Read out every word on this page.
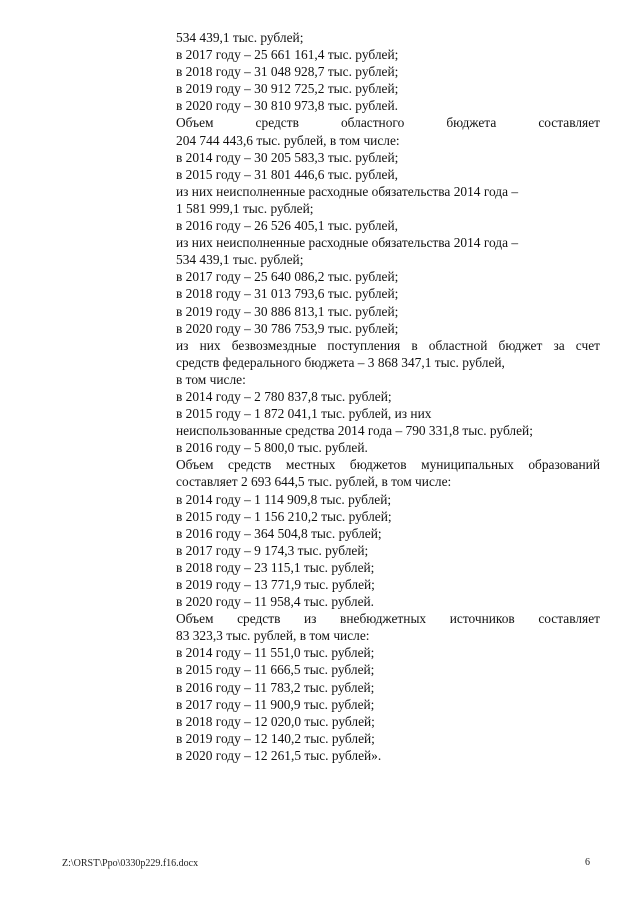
534 439,1 тыс. рублей;
в 2017 году – 25 661 161,4 тыс. рублей;
в 2018 году – 31 048 928,7 тыс. рублей;
в 2019 году – 30 912 725,2 тыс. рублей;
в 2020 году – 30 810 973,8 тыс. рублей.
Объем средств областного бюджета составляет
204 744 443,6 тыс. рублей, в том числе:
в 2014 году – 30 205 583,3 тыс. рублей;
в 2015 году – 31 801 446,6 тыс. рублей,
из них неисполненные расходные обязательства 2014 года –
1 581 999,1 тыс. рублей;
в 2016 году – 26 526 405,1 тыс. рублей,
из них неисполненные расходные обязательства 2014 года –
534 439,1 тыс. рублей;
в 2017 году – 25 640 086,2 тыс. рублей;
в 2018 году – 31 013 793,6 тыс. рублей;
в 2019 году – 30 886 813,1 тыс. рублей;
в 2020 году – 30 786 753,9 тыс. рублей;
из них безвозмездные поступления в областной бюджет за счет
средств федерального бюджета – 3 868 347,1 тыс. рублей,
в том числе:
в 2014 году – 2 780 837,8 тыс. рублей;
в 2015 году – 1 872 041,1 тыс. рублей, из них
неиспользованные средства 2014 года – 790 331,8 тыс. рублей;
в 2016 году – 5 800,0 тыс. рублей.
Объем средств местных бюджетов муниципальных образований
составляет 2 693 644,5 тыс. рублей, в том числе:
в 2014 году – 1 114 909,8 тыс. рублей;
в 2015 году – 1 156 210,2 тыс. рублей;
в 2016 году – 364 504,8 тыс. рублей;
в 2017 году – 9 174,3 тыс. рублей;
в 2018 году – 23 115,1 тыс. рублей;
в 2019 году – 13 771,9 тыс. рублей;
в 2020 году – 11 958,4 тыс. рублей.
Объем средств из внебюджетных источников составляет
83 323,3 тыс. рублей, в том числе:
в 2014 году – 11 551,0 тыс. рублей;
в 2015 году – 11 666,5 тыс. рублей;
в 2016 году – 11 783,2 тыс. рублей;
в 2017 году – 11 900,9 тыс. рублей;
в 2018 году – 12 020,0 тыс. рублей;
в 2019 году – 12 140,2 тыс. рублей;
в 2020 году – 12 261,5 тыс. рублей».
Z:\ORST\Ppo\0330p229.f16.docx	6
